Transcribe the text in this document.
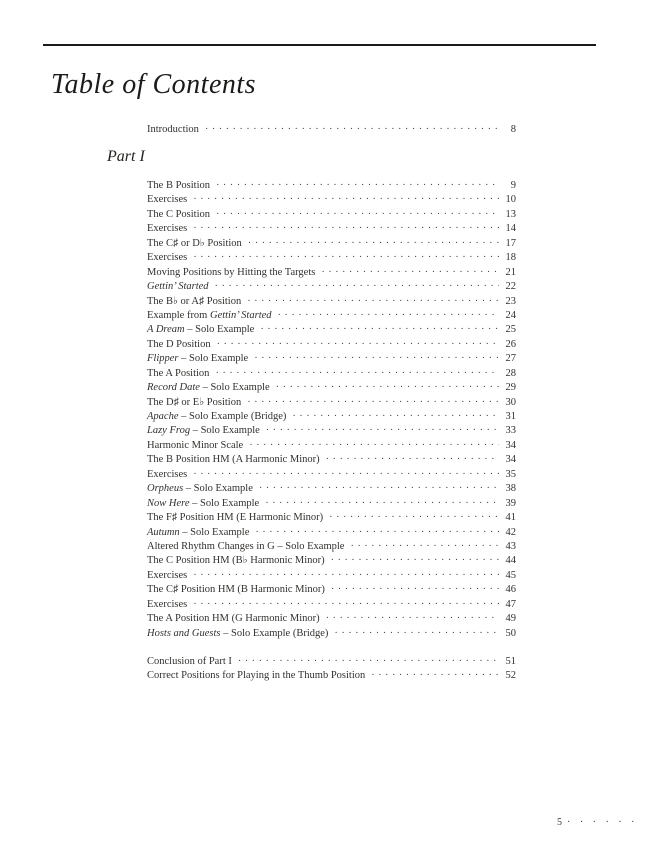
Table of Contents
Introduction ·····	8
Part I
The B Position ·····	9
Exercises ·····	10
The C Position ·····	13
Exercises ·····	14
The C♯ or D♭ Position ·····	17
Exercises ·····	18
Moving Positions by Hitting the Targets ·····	21
Gettin’ Started ·····	22
The B♭ or A♯ Position ·····	23
Example from Gettin’ Started ·····	24
A Dream – Solo Example ·····	25
The D Position ·····	26
Flipper – Solo Example ·····	27
The A Position ·····	28
Record Date – Solo Example ·····	29
The D♯ or E♭ Position ·····	30
Apache – Solo Example (Bridge) ·····	31
Lazy Frog – Solo Example ·····	33
Harmonic Minor Scale ·····	34
The B Position HM (A Harmonic Minor) ·····	34
Exercises ·····	35
Orpheus – Solo Example ·····	38
Now Here – Solo Example ·····	39
The F♯ Position HM (E Harmonic Minor) ·····	41
Autumn – Solo Example ·····	42
Altered Rhythm Changes in G – Solo Example ·····	43
The C Position HM (B♭ Harmonic Minor) ·····	44
Exercises ·····	45
The C♯ Position HM (B Harmonic Minor) ·····	46
Exercises ·····	47
The A Position HM (G Harmonic Minor) ·····	49
Hosts and Guests – Solo Example (Bridge) ·····	50
Conclusion of Part I ·····	51
Correct Positions for Playing in the Thumb Position ·····	52
5 · · · · · ·
